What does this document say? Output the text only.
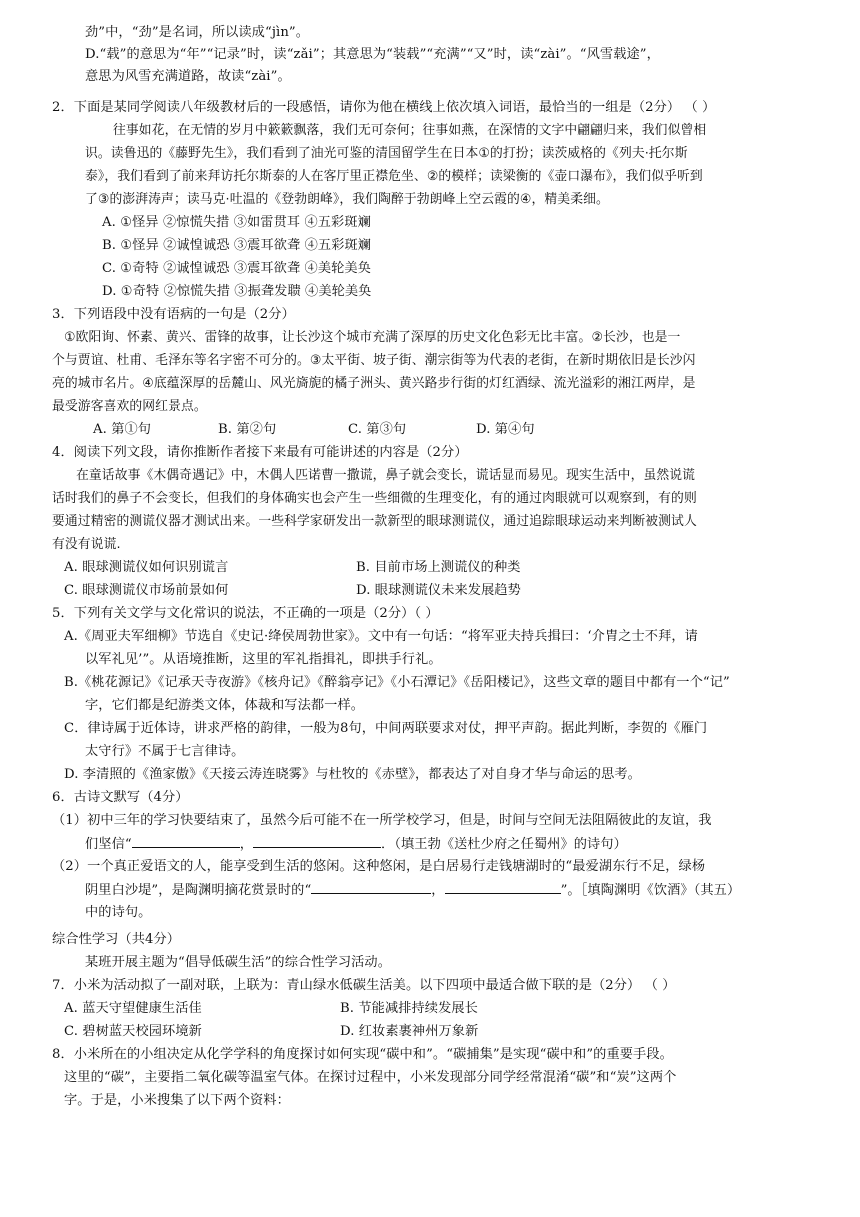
劲”中，“劲”是名词，所以读成“jìn”。
D.“载”的意思为“年”“记录”时，读“zǎi”；其意思为“装载”“充满”“又”时，读“zài”。“风雪载途”，
意思为风雪充满道路，故读“zài”。
2．下面是某同学阅读八年级教材后的一段感悟，请你为他在横线上依次填入词语，最恰当的一组是（2分） （ ）
往事如花，在无情的岁月中簌簌飘落，我们无可奈何；往事如燕，在深情的文字中翩翩归来，我们似曾相
识。读鲁迅的《藤野先生》，我们看到了油光可鉴的清国留学生在日本①的打扮；读茨威格的《列夫·托尔斯
泰》，我们看到了前来拜访托尔斯泰的人在客厅里正襟危坐、②的模样；读梁衡的《壶口瀑布》，我们似乎听到
了③的澎湃涛声；读马克·吐温的《登勃朗峰》，我们陶醉于勃朗峰上空云霞的④，精美柔细。
A. ①怪异 ②惊慌失措 ③如雷贯耳 ④五彩斑斓
B. ①怪异 ②诚惶诚恐 ③震耳欲聋 ④五彩斑斓
C. ①奇特 ②诚惶诚恐 ③震耳欲聋 ④美轮美奂
D. ①奇特 ②惊慌失措 ③振聋发聩 ④美轮美奂
3．下列语段中没有语病的一句是（2分）
①欧阳询、怀素、黄兴、雷锋的故事，让长沙这个城市充满了深厚的历史文化色彩无比丰富。②长沙，也是一
个与贾谊、杜甫、毛泽东等名字密不可分的。③太平街、坡子街、潮宗街等为代表的老街，在新时期依旧是长沙闪
亮的城市名片。④底蕴深厚的岳麓山、风光旖旎的橘子洲头、黄兴路步行街的灯红酒绿、流光溢彩的湘江两岸，是
最受游客喜欢的网红景点。
A. 第①句	B. 第②句	C. 第③句	D. 第④句
4．阅读下列文段，请你推断作者接下来最有可能讲述的内容是（2分）
在童话故事《木偶奇遇记》中，木偶人匹诺曹一撒谎，鼻子就会变长，谎话显而易见。现实生活中，虽然说谎
话时我们的鼻子不会变长，但我们的身体确实也会产生一些细微的生理变化，有的通过肉眼就可以观察到，有的则
要通过精密的测谎仪器才测试出来。一些科学家研发出一款新型的眼球测谎仪，通过追踪眼球运动来判断被测试人
有没有说谎.
A. 眼球测谎仪如何识别谎言	B. 目前市场上测谎仪的种类
C. 眼球测谎仪市场前景如何	D. 眼球测谎仪未来发展趋势
5．下列有关文学与文化常识的说法，不正确的一项是（2分）（ ）
A.《周亚夫军细柳》节选自《史记·绛侯周勃世家》。文中有一句话：“将军亚夫持兵揖曰：‘介胄之士不拜，请
以军礼见’”。从语境推断，这里的军礼指揖礼，即拱手行礼。
B.《桃花源记》《记承天寺夜游》《核舟记》《醉翁亭记》《小石潭记》《岳阳楼记》，这些文章的题目中都有一个“记”
字，它们都是纪游类文体，体裁和写法都一样。
C．律诗属于近体诗，讲求严格的韵律，一般为8句，中间两联要求对仗，押平声韵。据此判断，李贺的《雁门
太守行》不属于七言律诗。
D. 李清照的《渔家傲》《天接云涛连晓雾》与杜牧的《赤壁》，都表达了对自身才华与命运的思考。
6．古诗文默写（4分）
（1）初中三年的学习快要结束了，虽然今后可能不在一所学校学习，但是，时间与空间无法阻隔彼此的友谊，我
们坚信“	，	．（填王勃《送杜少府之任蜀州》的诗句）
（2）一个真正爱语文的人，能享受到生活的悠闲。这种悠闲，是白居易行走钱塘湖时的“最爱湖东行不足，绿杨
阴里白沙堤”，是陶渊明摘花赏景时的“	，	”。［填陶渊明《饮酒》（其五）
中的诗句。
综合性学习（共4分）
某班开展主题为“倡导低碳生活”的综合性学习活动。
7．小米为活动拟了一副对联，上联为：青山绿水低碳生活美。以下四项中最适合做下联的是（2分） （ ）
A. 蓝天守望健康生活佳	B. 节能减排持续发展长
C. 碧树蓝天校园环境新	D. 红妆素裹神州万象新
8．小米所在的小组决定从化学学科的角度探讨如何实现“碳中和”。“碳捕集”是实现“碳中和”的重要手段。
这里的“碳”，主要指二氧化碳等温室气体。在探讨过程中，小米发现部分同学经常混淆“碳”和“炭”这两个
字。于是，小米搜集了以下两个资料：
